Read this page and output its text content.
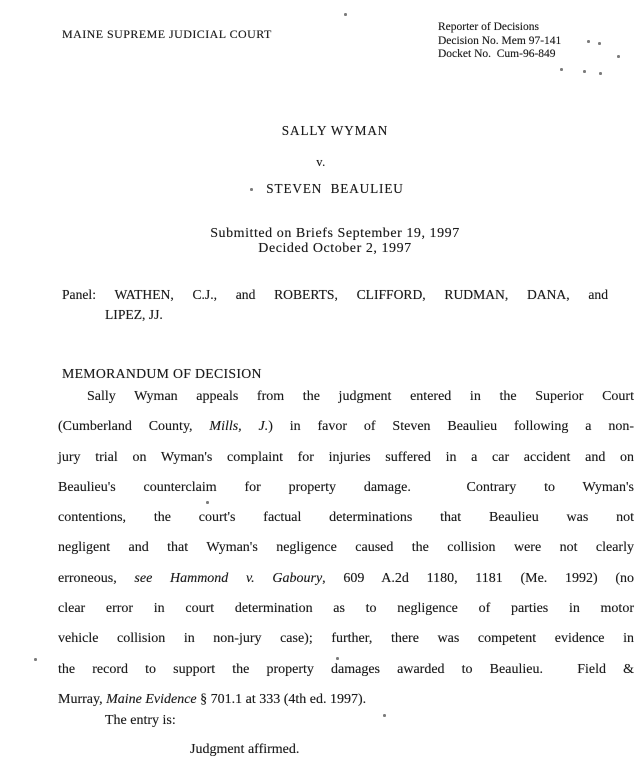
MAINE SUPREME JUDICIAL COURT	Reporter of Decisions
Decision No. Mem 97-141
Docket No.  Cum-96-849
SALLY WYMAN
v.
STEVEN  BEAULIEU
Submitted on Briefs September 19, 1997
Decided October 2, 1997
Panel: WATHEN, C.J., and ROBERTS, CLIFFORD, RUDMAN, DANA, and
LIPEZ, JJ.
MEMORANDUM OF DECISION
Sally Wyman appeals from the judgment entered in the Superior Court
(Cumberland County, Mills, J.) in favor of Steven Beaulieu following a non-
jury trial on Wyman's complaint for injuries suffered in a car accident and on
Beaulieu's counterclaim for property damage.  Contrary to Wyman's
contentions, the court's factual determinations that Beaulieu was not
negligent and that Wyman's negligence caused the collision were not clearly
erroneous, see Hammond v. Gaboury, 609 A.2d 1180, 1181 (Me. 1992) (no
clear error in court determination as to negligence of parties in motor
vehicle collision in non-jury case); further, there was competent evidence in
the record to support the property damages awarded to Beaulieu.  Field &
Murray, Maine Evidence § 701.1 at 333 (4th ed. 1997).
The entry is:
Judgment affirmed.
